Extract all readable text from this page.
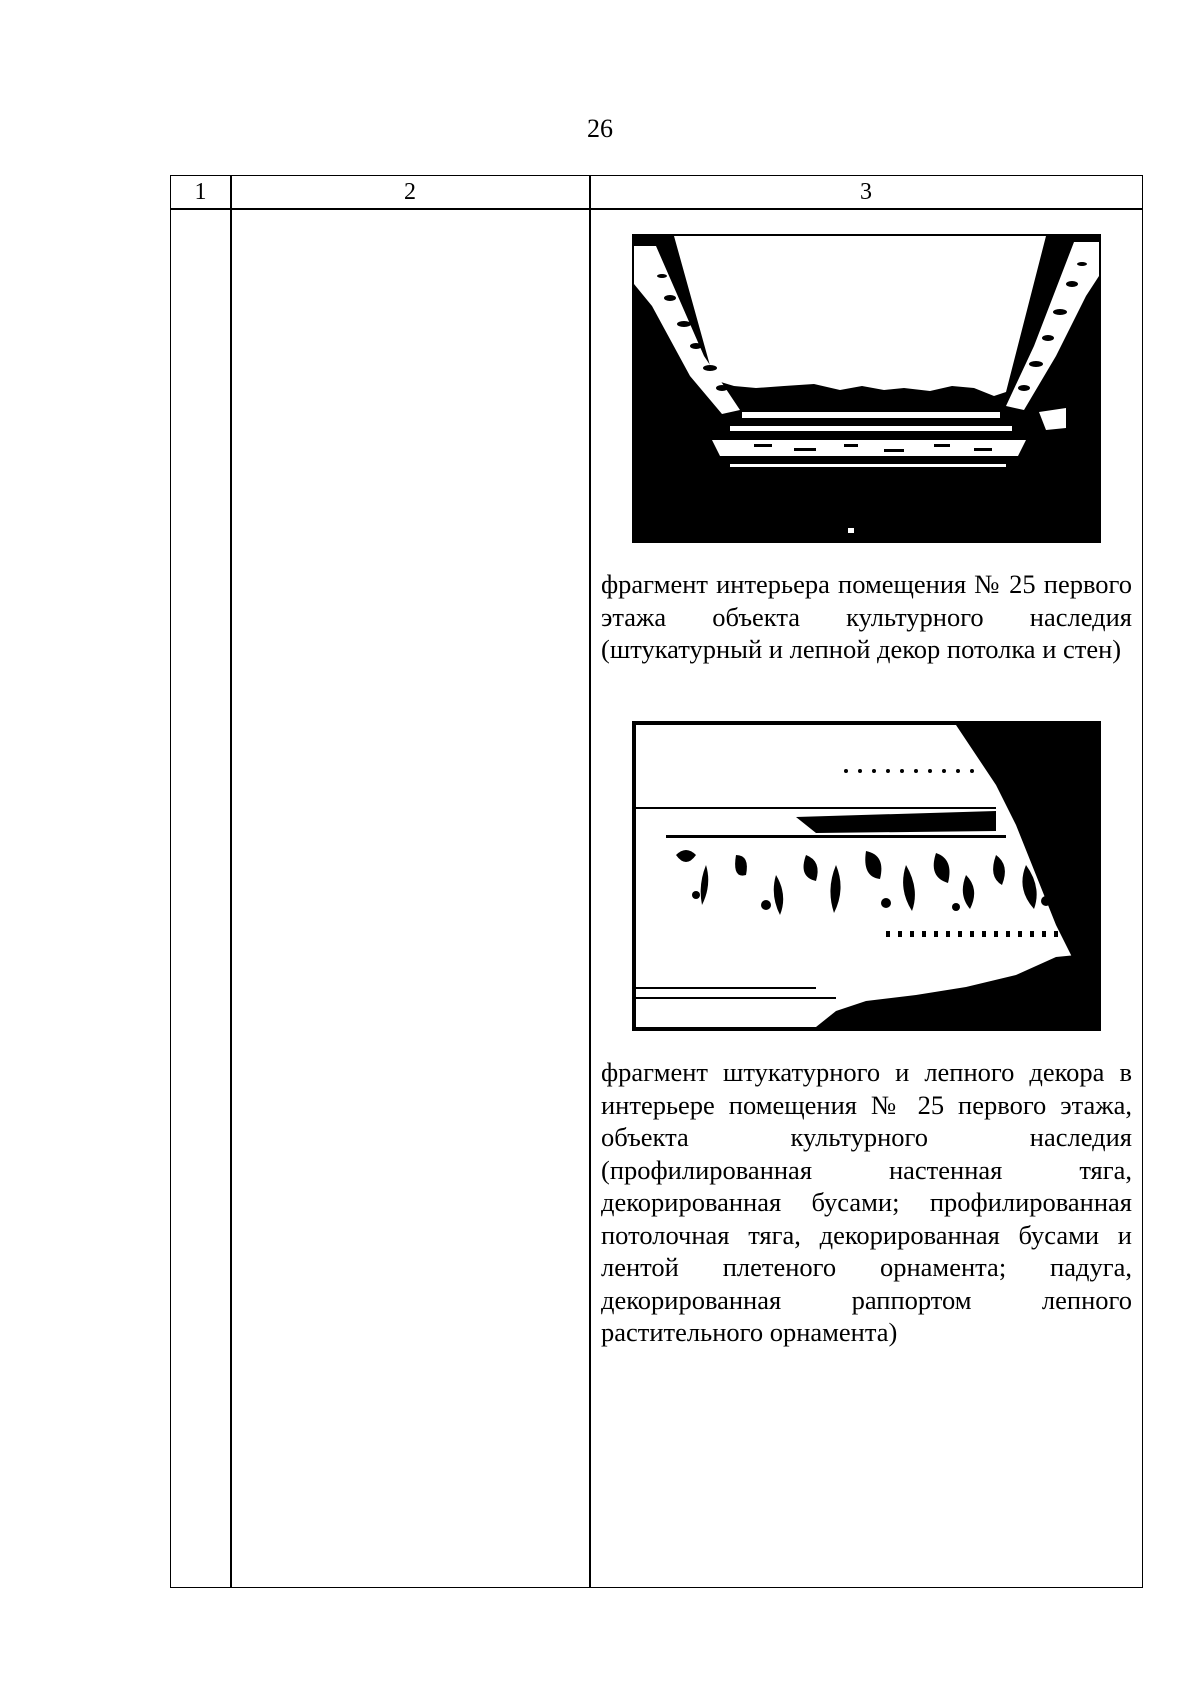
26
1	2	3
фрагмент интерьера помещения № 25 первого этажа объекта культурного наследия (штукатурный и лепной декор потолка и стен)
фрагмент штукатурного и лепного декора в интерьере помещения № 25 первого этажа, объекта культурного наследия (профилированная настенная тяга, декорированная бусами; профилированная потолочная тяга, декорированная бусами и лентой плетеного орнамента; падуга, декорированная раппортом лепного растительного орнамента)
